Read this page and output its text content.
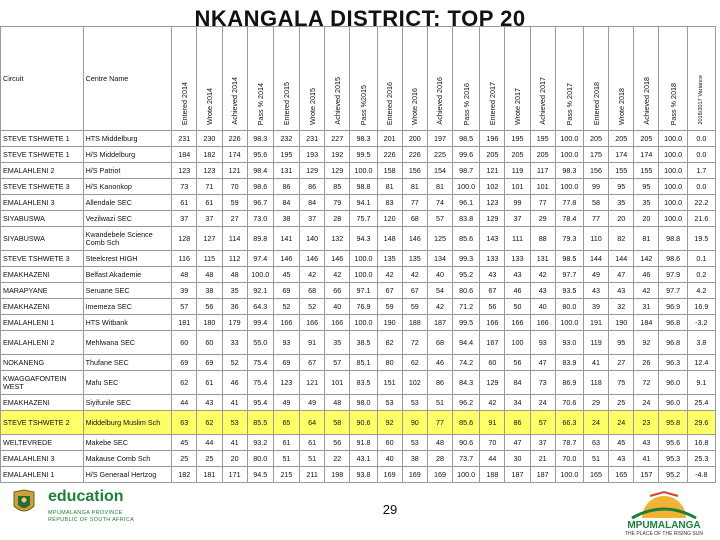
NKANGALA DISTRICT: TOP 20
Circuit	Centre Name	Entered 2014	Wrote 2014	Achieved 2014	Pass % 2014	Entered 2015	Wrote 2015	Achieved 2015	Pass %2015	Entered 2016	Wrote 2016	Achieved 2016	Pass % 2016	Entered 2017	Wrote 2017	Achieved 2017	Pass % 2017	Entered 2018	Wrote 2018	Achieved 2018	Pass % 2018	2018/2017 Variance
STEVE TSHWETE 1	HTS Middelburg	231	230	226	98.3	232	231	227	98.3	201	200	197	98.5	196	195	195	100.0	205	205	205	100.0	0.0
STEVE TSHWETE 1	H/S Middelburg	184	182	174	95.6	195	193	192	99.5	226	226	225	99.6	205	205	205	100.0	175	174	174	100.0	0.0
EMALAHLENI 2	H/S Patriot	123	123	121	98.4	131	129	129	100.0	158	156	154	98.7	121	119	117	98.3	156	155	155	100.0	1.7
STEVE TSHWETE 3	H/S Kanonkop	73	71	70	98.6	86	86	85	98.8	81	81	81	100.0	102	101	101	100.0	99	95	95	100.0	0.0
EMALAHLENI 3	Allendale SEC	61	61	59	96.7	84	84	79	94.1	83	77	74	96.1	123	99	77	77.8	58	35	35	100.0	22.2
SIYABUSWA	Vezilwazi SEC	37	37	27	73.0	38	37	28	75.7	120	68	57	83.8	129	37	29	78.4	77	20	20	100.0	21.6
SIYABUSWA	Kwandebele Science Comb Sch	128	127	114	89.8	141	140	132	94.3	148	146	125	85.6	143	111	88	79.3	110	82	81	98.8	19.5
STEVE TSHWETE 3	Steelcrest HIGH	116	115	112	97.4	146	146	146	100.0	135	135	134	99.3	133	133	131	98.5	144	144	142	98.6	0.1
EMAKHAZENI	Belfast Akademie	48	48	48	100.0	45	42	42	100.0	42	42	40	95.2	43	43	42	97.7	49	47	46	97.9	0.2
MARAPYANE	Seruane SEC	39	38	35	92.1	69	68	66	97.1	67	67	54	80.6	67	46	43	93.5	43	43	42	97.7	4.2
EMAKHAZENI	Imemeza SEC	57	56	36	64.3	52	52	40	76.9	59	59	42	71.2	56	50	40	80.0	39	32	31	96.9	16.9
EMALAHLENI 1	HTS Witbank	181	180	179	99.4	166	166	166	100.0	190	188	187	99.5	166	166	166	100.0	191	190	184	96.8	-3.2
EMALAHLENI 2	Mehlwana SEC	60	60	33	55.0	93	91	35	38.5	82	72	68	94.4	167	100	93	93.0	119	95	92	96.8	3.8
NOKANENG	Thufane SEC	69	69	52	75.4	69	67	57	85.1	80	62	46	74.2	60	56	47	83.9	41	27	26	96.3	12.4
KWAGGAFONTEIN WEST	Mafu SEC	62	61	46	75.4	123	121	101	83.5	151	102	86	84.3	129	84	73	86.9	118	75	72	96.0	9.1
EMAKHAZENI	Siyifunile SEC	44	43	41	95.4	49	49	48	98.0	53	53	51	96.2	42	34	24	70.6	29	25	24	96.0	25.4
STEVE TSHWETE 2	Middelburg Muslim Sch	63	62	53	85.5	65	64	58	90.6	92	90	77	85.6	91	86	57	66.3	24	24	23	95.8	29.6
WELTEVREDE	Makebe SEC	45	44	41	93.2	61	61	56	91.8	60	53	48	90.6	70	47	37	78.7	63	45	43	95.6	16.8
EMALAHLENI 3	Makause Comb Sch	25	25	20	80.0	51	51	22	43.1	40	38	28	73.7	44	30	21	70.0	51	43	41	95.3	25.3
EMALAHLENI 1	H/S Generaal Hertzog	182	181	171	94.5	215	211	198	93.8	169	169	169	100.0	188	187	187	100.0	165	165	157	95.2	-4.8
29
education
MPUMALANGA PROVINCE
REPUBLIC OF SOUTH AFRICA	MPUMALANGA
THE PLACE OF THE RISING SUN
